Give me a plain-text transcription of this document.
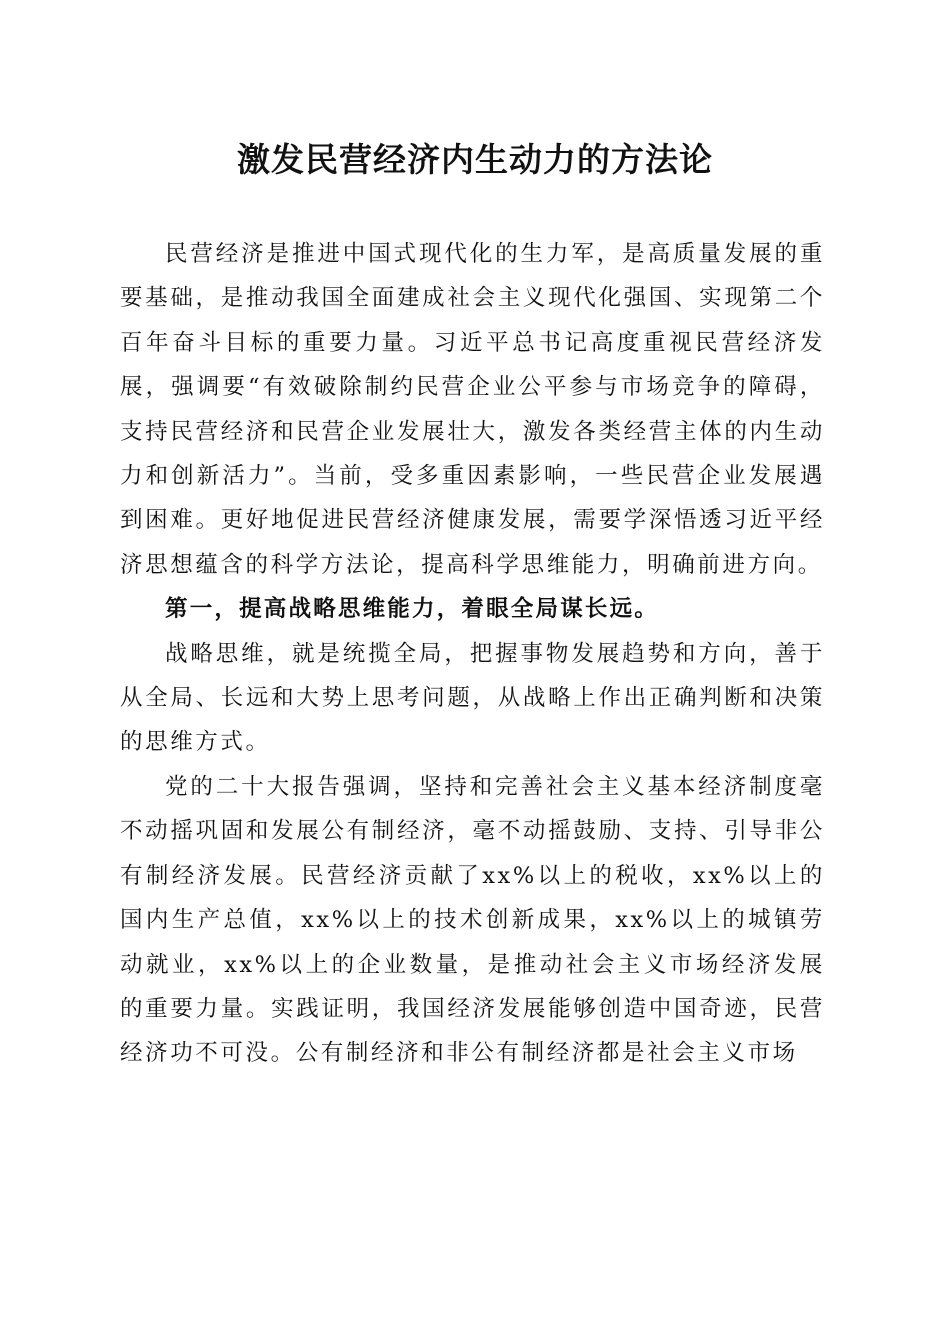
激发民营经济内生动力的方法论

民营经济是推进中国式现代化的生力军，是高质量发展的重要基础，是推动我国全面建成社会主义现代化强国、实现第二个百年奋斗目标的重要力量。习近平总书记高度重视民营经济发展，强调要“有效破除制约民营企业公平参与市场竞争的障碍，支持民营经济和民营企业发展壮大，激发各类经营主体的内生动力和创新活力”。当前，受多重因素影响，一些民营企业发展遇到困难。更好地促进民营经济健康发展，需要学深悟透习近平经济思想蕴含的科学方法论，提高科学思维能力，明确前进方向。

第一，提高战略思维能力，着眼全局谋长远。

战略思维，就是统揽全局，把握事物发展趋势和方向，善于从全局、长远和大势上思考问题，从战略上作出正确判断和决策的思维方式。

党的二十大报告强调，坚持和完善社会主义基本经济制度毫不动摇巩固和发展公有制经济，毫不动摇鼓励、支持、引导非公有制经济发展。民营经济贡献了xx%以上的税收，xx%以上的国内生产总值，xx%以上的技术创新成果，xx%以上的城镇劳动就业，xx%以上的企业数量，是推动社会主义市场经济发展的重要力量。实践证明，我国经济发展能够创造中国奇迹，民营经济功不可没。公有制经济和非公有制经济都是社会主义市场
